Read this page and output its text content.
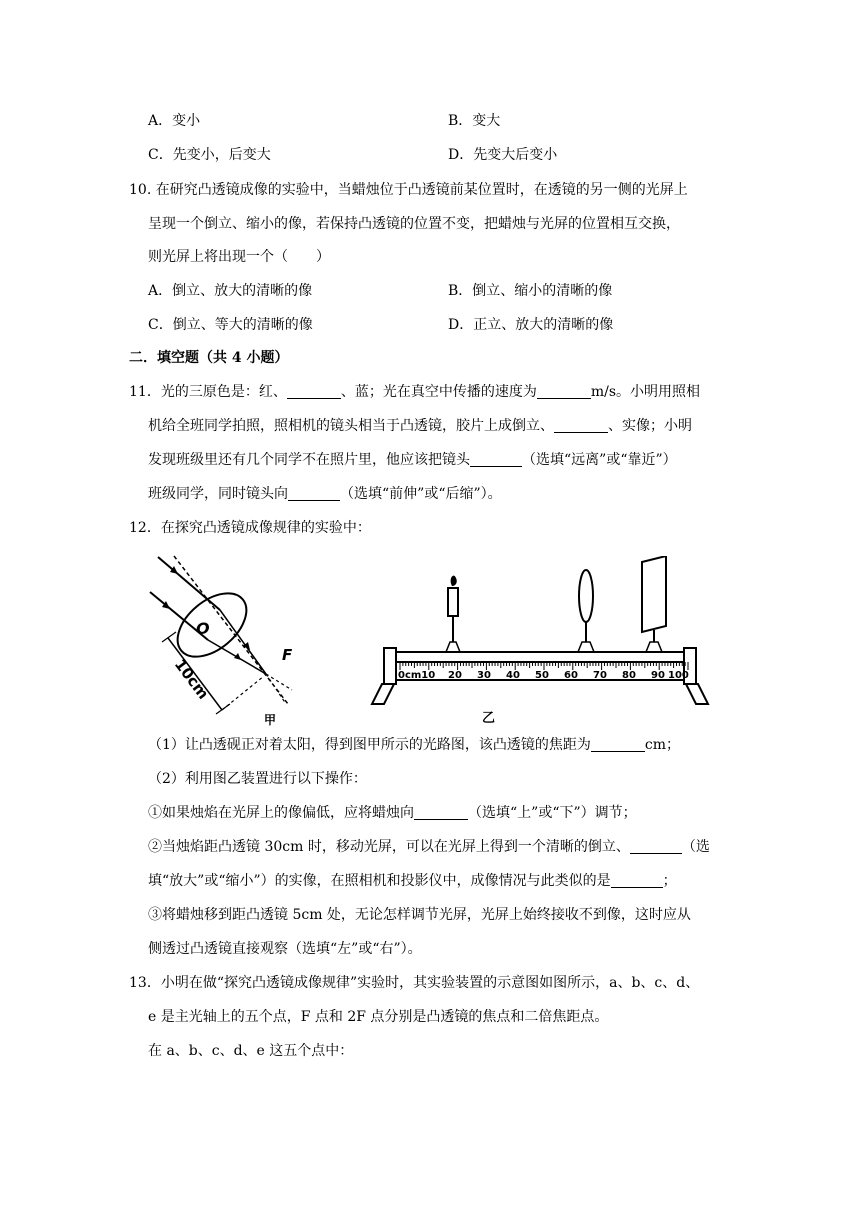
A．变小	B．变大
C．先变小，后变大	D．先变大后变小
10. 在研究凸透镜成像的实验中，当蜡烛位于凸透镜前某位置时，在透镜的另一侧的光屏上
呈现一个倒立、缩小的像，若保持凸透镜的位置不变，把蜡烛与光屏的位置相互交换，
则光屏上将出现一个（　　）
A．倒立、放大的清晰的像	B．倒立、缩小的清晰的像
C．倒立、等大的清晰的像	D．正立、放大的清晰的像
二．填空题（共 4 小题）
11．光的三原色是：红、	、蓝；光在真空中传播的速度为	m/s。小明用照相
机给全班同学拍照，照相机的镜头相当于凸透镜，胶片上成倒立、	、实像；小明
发现班级里还有几个同学不在照片里，他应该把镜头	（选填“远离”或“靠近”）
班级同学，同时镜头向	（选填“前伸”或“后缩”）。
12．在探究凸透镜成像规律的实验中：
O
F
10cm
甲
0cm10 20 30 40 50 60 70 80 90 100
乙
（1）让凸透砚正对着太阳，得到图甲所示的光路图，该凸透镜的焦距为	cm；
（2）利用图乙装置进行以下操作：
①如果烛焰在光屏上的像偏低，应将蜡烛向	（选填“上”或“下”）调节；
②当烛焰距凸透镜 30cm 时，移动光屏，可以在光屏上得到一个清晰的倒立、	（选
填“放大”或“缩小”）的实像，在照相机和投影仪中，成像情况与此类似的是	；
③将蜡烛移到距凸透镜 5cm 处，无论怎样调节光屏，光屏上始终接收不到像，这时应从
侧透过凸透镜直接观察（选填“左”或“右”）。
13．小明在做“探究凸透镜成像规律”实验时，其实验装置的示意图如图所示，a、b、c、d、
e 是主光轴上的五个点，F 点和 2F 点分别是凸透镜的焦点和二倍焦距点。
在 a、b、c、d、e 这五个点中：
